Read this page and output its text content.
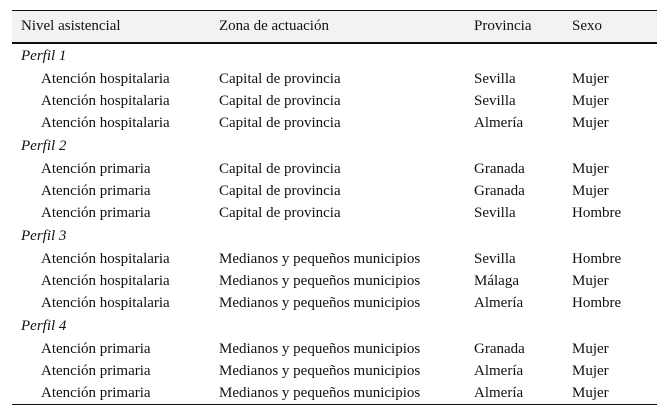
Nivel asistencial	Zona de actuación	Provincia	Sexo
Perfil 1			
Atención hospitalaria	Capital de provincia	Sevilla	Mujer
Atención hospitalaria	Capital de provincia	Sevilla	Mujer
Atención hospitalaria	Capital de provincia	Almería	Mujer
Perfil 2			
Atención primaria	Capital de provincia	Granada	Mujer
Atención primaria	Capital de provincia	Granada	Mujer
Atención primaria	Capital de provincia	Sevilla	Hombre
Perfil 3			
Atención hospitalaria	Medianos y pequeños municipios	Sevilla	Hombre
Atención hospitalaria	Medianos y pequeños municipios	Málaga	Mujer
Atención hospitalaria	Medianos y pequeños municipios	Almería	Hombre
Perfil 4			
Atención primaria	Medianos y pequeños municipios	Granada	Mujer
Atención primaria	Medianos y pequeños municipios	Almería	Mujer
Atención primaria	Medianos y pequeños municipios	Almería	Mujer
